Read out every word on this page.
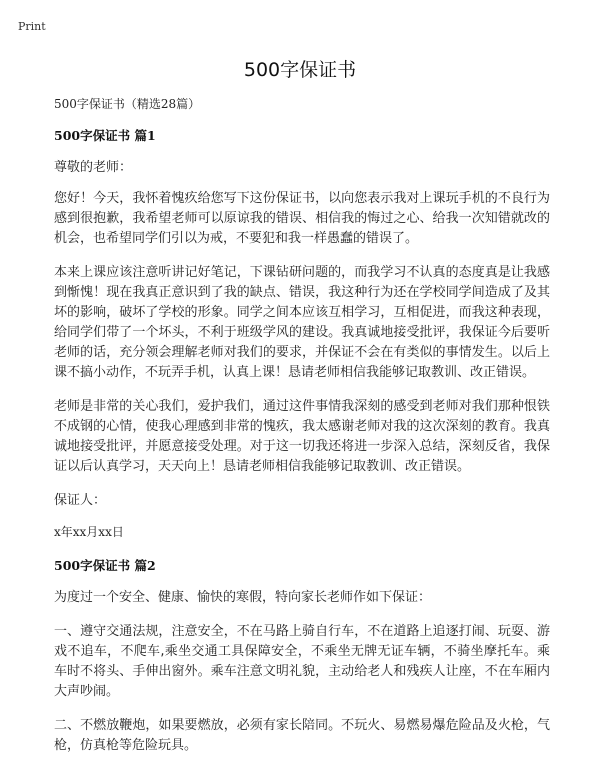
Print
500字保证书

500字保证书（精选28篇）

500字保证书 篇1

尊敬的老师：

您好！今天，我怀着愧疚给您写下这份保证书，以向您表示我对上课玩手机的不良行为感到很抱歉，我希望老师可以原谅我的错误、相信我的悔过之心、给我一次知错就改的机会，也希望同学们引以为戒，不要犯和我一样愚蠢的错误了。

本来上课应该注意听讲记好笔记，下课钻研问题的，而我学习不认真的态度真是让我感到惭愧！现在我真正意识到了我的缺点、错误，我这种行为还在学校同学间造成了及其坏的影响，破坏了学校的形象。同学之间本应该互相学习，互相促进，而我这种表现，给同学们带了一个坏头，不利于班级学风的建设。我真诚地接受批评，我保证今后要听老师的话，充分领会理解老师对我们的要求，并保证不会在有类似的事情发生。以后上课不搞小动作，不玩弄手机，认真上课！恳请老师相信我能够记取教训、改正错误。

老师是非常的关心我们，爱护我们，通过这件事情我深刻的感受到老师对我们那种恨铁不成钢的心情，使我心理感到非常的愧疚，我太感谢老师对我的这次深刻的教育。我真诚地接受批评，并愿意接受处理。对于这一切我还将进一步深入总结，深刻反省，我保证以后认真学习，天天向上！恳请老师相信我能够记取教训、改正错误。

保证人：

x年xx月xx日

500字保证书 篇2

为度过一个安全、健康、愉快的寒假，特向家长老师作如下保证：

一、遵守交通法规，注意安全，不在马路上骑自行车，不在道路上追逐打闹、玩耍、游戏不追车，不爬车,乘坐交通工具保障安全，不乘坐无牌无证车辆，不骑坐摩托车。乘车时不将头、手伸出窗外。乘车注意文明礼貌，主动给老人和残疾人让座，不在车厢内大声吵闹。

二、不燃放鞭炮，如果要燃放，必须有家长陪同。不玩火、易燃易爆危险品及火枪，气枪，仿真枪等危险玩具。
